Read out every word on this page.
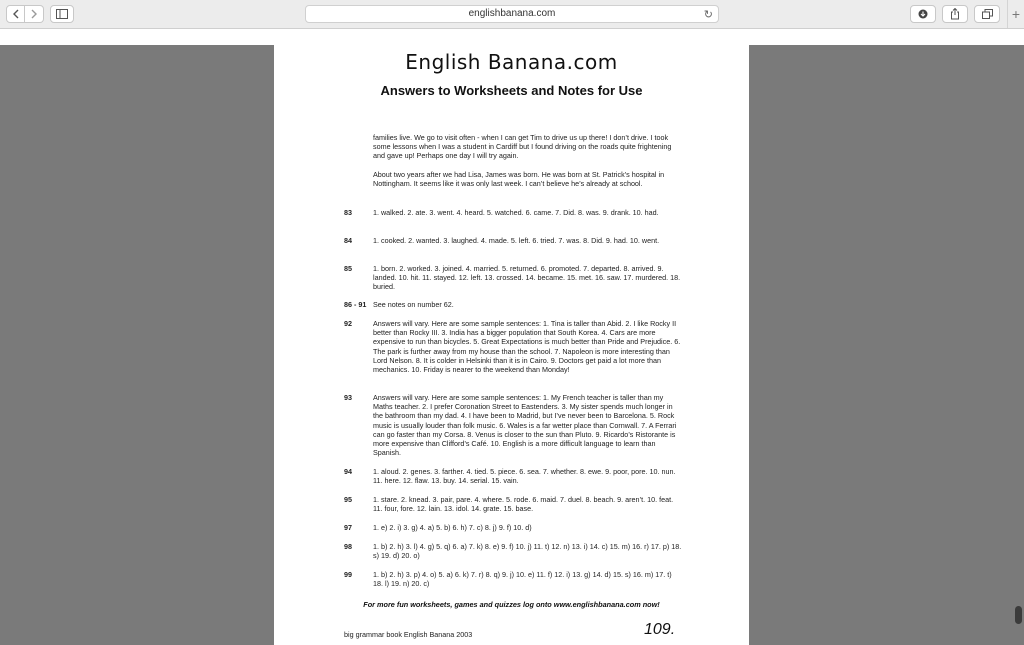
englishbanana.com	↻	+
English Banana.com
Answers to Worksheets and Notes for Use
families live. We go to visit often - when I can get Tim to drive us up there! I don’t drive. I took some lessons when I was a student in Cardiff but I found driving on the roads quite frightening and gave up! Perhaps one day I will try again.
About two years after we had Lisa, James was born. He was born at St. Patrick’s hospital in Nottingham. It seems like it was only last week. I can’t believe he’s already at school.
83	1. walked. 2. ate. 3. went. 4. heard. 5. watched. 6. came. 7. Did. 8. was. 9. drank. 10. had.
84	1. cooked. 2. wanted. 3. laughed. 4. made. 5. left. 6. tried. 7. was. 8. Did. 9. had. 10. went.
85	1. born. 2. worked. 3. joined. 4. married. 5. returned. 6. promoted. 7. departed. 8. arrived. 9. landed. 10. hit. 11. stayed. 12. left. 13. crossed. 14. became. 15. met. 16. saw. 17. murdered. 18. buried.
86 - 91 See notes on number 62.
92	Answers will vary. Here are some sample sentences: 1. Tina is taller than Abid. 2. I like Rocky II better than Rocky III. 3. India has a bigger population that South Korea. 4. Cars are more expensive to run than bicycles. 5. Great Expectations is much better than Pride and Prejudice. 6. The park is further away from my house than the school. 7. Napoleon is more interesting than Lord Nelson. 8. It is colder in Helsinki than it is in Cairo. 9. Doctors get paid a lot more than mechanics. 10. Friday is nearer to the weekend than Monday!
93	Answers will vary. Here are some sample sentences: 1. My French teacher is taller than my Maths teacher. 2. I prefer Coronation Street to Eastenders. 3. My sister spends much longer in the bathroom than my dad. 4. I have been to Madrid, but I’ve never been to Barcelona. 5. Rock music is usually louder than folk music. 6. Wales is a far wetter place than Cornwall. 7. A Ferrari can go faster than my Corsa. 8. Venus is closer to the sun than Pluto. 9. Ricardo’s Ristorante is more expensive than Clifford’s Café. 10. English is a more difficult language to learn than Spanish.
94	1. aloud. 2. genes. 3. farther. 4. tied. 5. piece. 6. sea. 7. whether. 8. ewe. 9. poor, pore. 10. nun. 11. here. 12. flaw. 13. buy. 14. serial. 15. vain.
95	1. stare. 2. knead. 3. pair, pare. 4. where. 5. rode. 6. maid. 7. duel. 8. beach. 9. aren’t. 10. feat. 11. four, fore. 12. lain. 13. idol. 14. grate. 15. base.
97	1. e) 2. i) 3. g) 4. a) 5. b) 6. h) 7. c) 8. j) 9. f) 10. d)
98	1. b) 2. h) 3. l) 4. g) 5. q) 6. a) 7. k) 8. e) 9. f) 10. j) 11. t) 12. n) 13. i) 14. c) 15. m) 16. r) 17. p) 18. s) 19. d) 20. o)
99	1. b) 2. h) 3. p) 4. o) 5. a) 6. k) 7. r) 8. q) 9. j) 10. e) 11. f) 12. i) 13. g) 14. d) 15. s) 16. m) 17. t) 18. l) 19. n) 20. c)
For more fun worksheets, games and quizzes log onto www.englishbanana.com now!
big grammar book English Banana 2003	109.
